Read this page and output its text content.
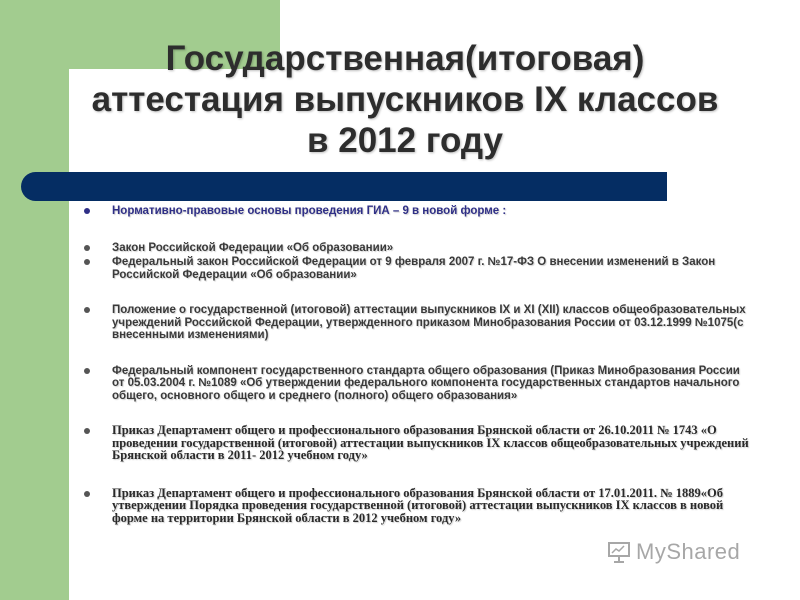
Государственная(итоговая)
аттестация выпускников IX классов
в 2012 году
Нормативно-правовые основы проведения ГИА – 9 в новой форме :
Закон Российской Федерации «Об образовании»
Федеральный закон Российской Федерации от 9 февраля 2007 г. №17-ФЗ О внесении изменений в Закон Российской Федерации «Об образовании»
Положение о государственной (итоговой) аттестации выпускников IX и XI (XII) классов общеобразовательных учреждений Российской Федерации, утвержденного приказом Минобразования России от 03.12.1999 №1075(с внесенными изменениями)
Федеральный компонент государственного стандарта общего образования (Приказ Минобразования России от 05.03.2004 г. №1089 «Об утверждении федерального компонента государственных стандартов начального общего, основного общего и среднего (полного) общего образования»
Приказ Департамент общего и профессионального образования Брянской области от 26.10.2011 № 1743 «О проведении государственной (итоговой) аттестации выпускников IX классов общеобразовательных учреждений Брянской области в 2011- 2012 учебном году»
Приказ Департамент общего и профессионального образования Брянской области от 17.01.2011. № 1889«Об утверждении Порядка проведения государственной (итоговой) аттестации выпускников IX классов в новой форме на территории Брянской области в 2012 учебном году»
MyShared
